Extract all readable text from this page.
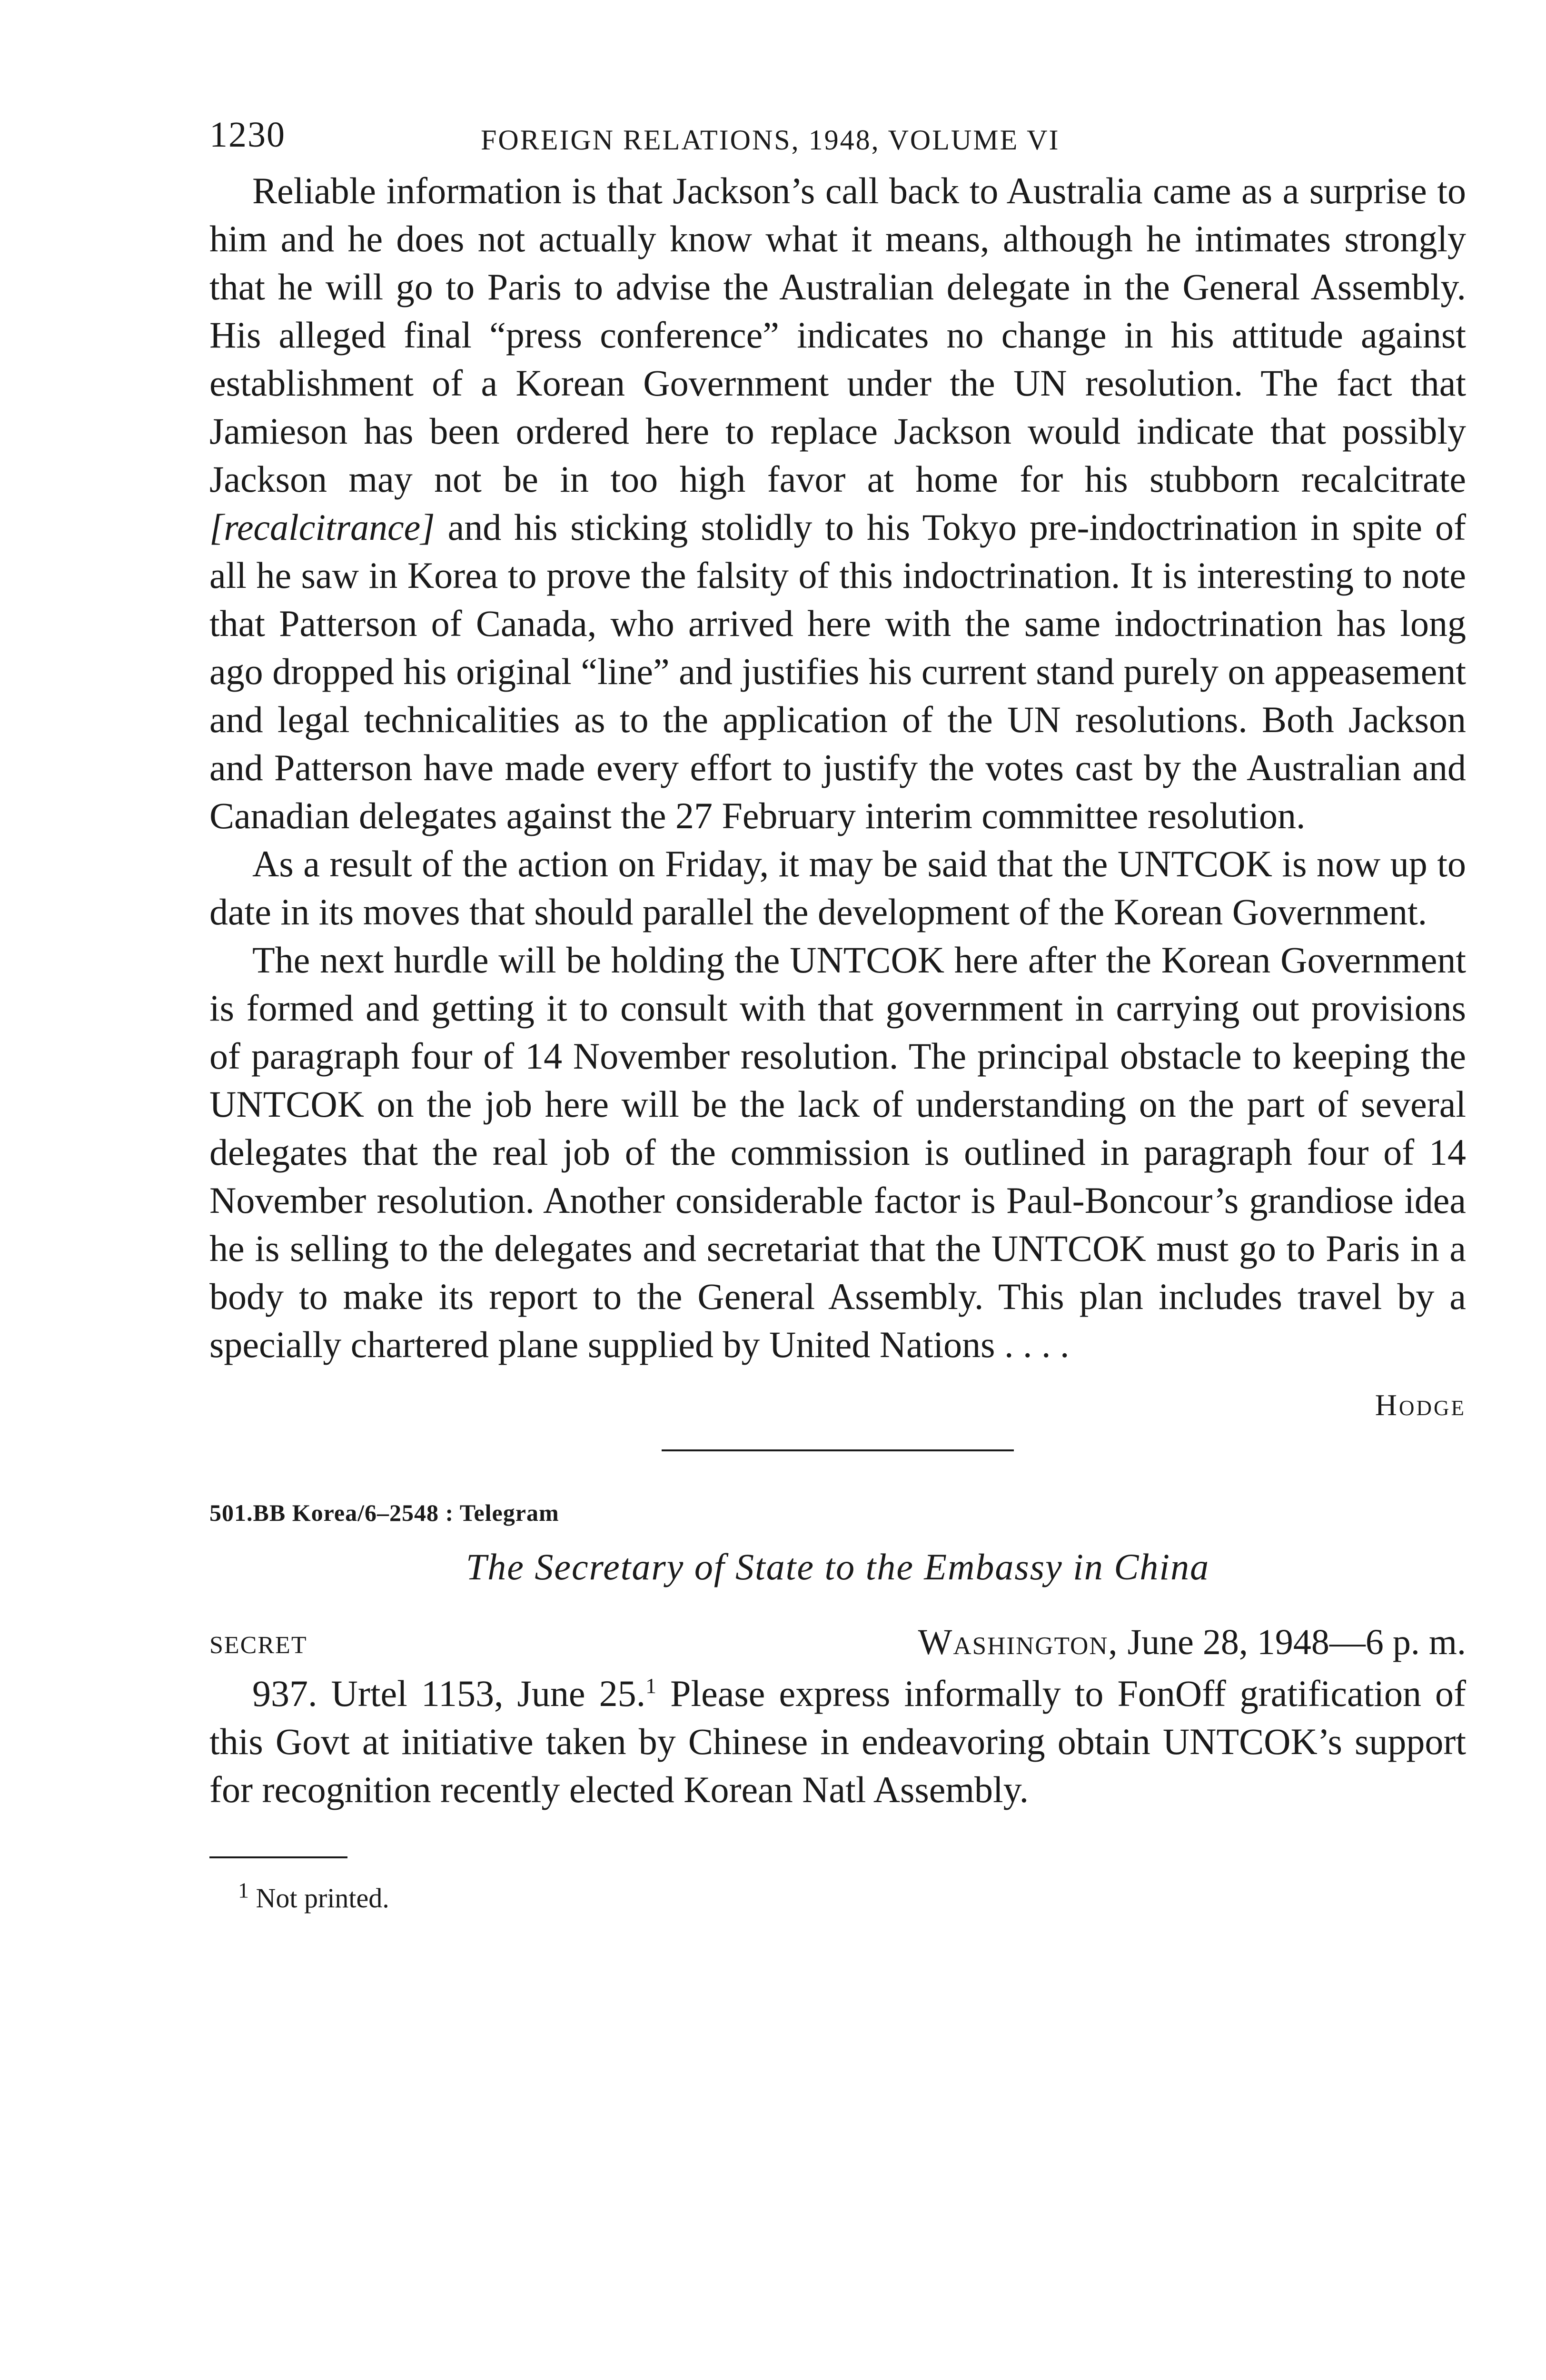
1230	FOREIGN RELATIONS, 1948, VOLUME VI

Reliable information is that Jackson’s call back to Australia came as a surprise to him and he does not actually know what it means, although he intimates strongly that he will go to Paris to advise the Australian delegate in the General Assembly. His alleged final “press conference” indicates no change in his attitude against establishment of a Korean Government under the UN resolution. The fact that Jamieson has been ordered here to replace Jackson would indicate that possibly Jackson may not be in too high favor at home for his stubborn recalcitrate [recalcitrance] and his sticking stolidly to his Tokyo pre-indoctrination in spite of all he saw in Korea to prove the falsity of this indoctrination. It is interesting to note that Patterson of Canada, who arrived here with the same indoctrination has long ago dropped his original “line” and justifies his current stand purely on appeasement and legal technicalities as to the application of the UN resolutions. Both Jackson and Patterson have made every effort to justify the votes cast by the Australian and Canadian delegates against the 27 February interim committee resolution.

As a result of the action on Friday, it may be said that the UNTCOK is now up to date in its moves that should parallel the development of the Korean Government.

The next hurdle will be holding the UNTCOK here after the Korean Government is formed and getting it to consult with that government in carrying out provisions of paragraph four of 14 November resolution. The principal obstacle to keeping the UNTCOK on the job here will be the lack of understanding on the part of several delegates that the real job of the commission is outlined in paragraph four of 14 November resolution. Another considerable factor is Paul-Boncour’s grandiose idea he is selling to the delegates and secretariat that the UNTCOK must go to Paris in a body to make its report to the General Assembly. This plan includes travel by a specially chartered plane supplied by United Nations . . . .

Hodge
501.BB Korea/6–2548 : Telegram
The Secretary of State to the Embassy in China
SECRET	Washington, June 28, 1948—6 p. m.

937. Urtel 1153, June 25.$^1$ Please express informally to FonOff gratification of this Govt at initiative taken by Chinese in endeavoring obtain UNTCOK’s support for recognition recently elected Korean Natl Assembly.

$^1$ Not printed.
